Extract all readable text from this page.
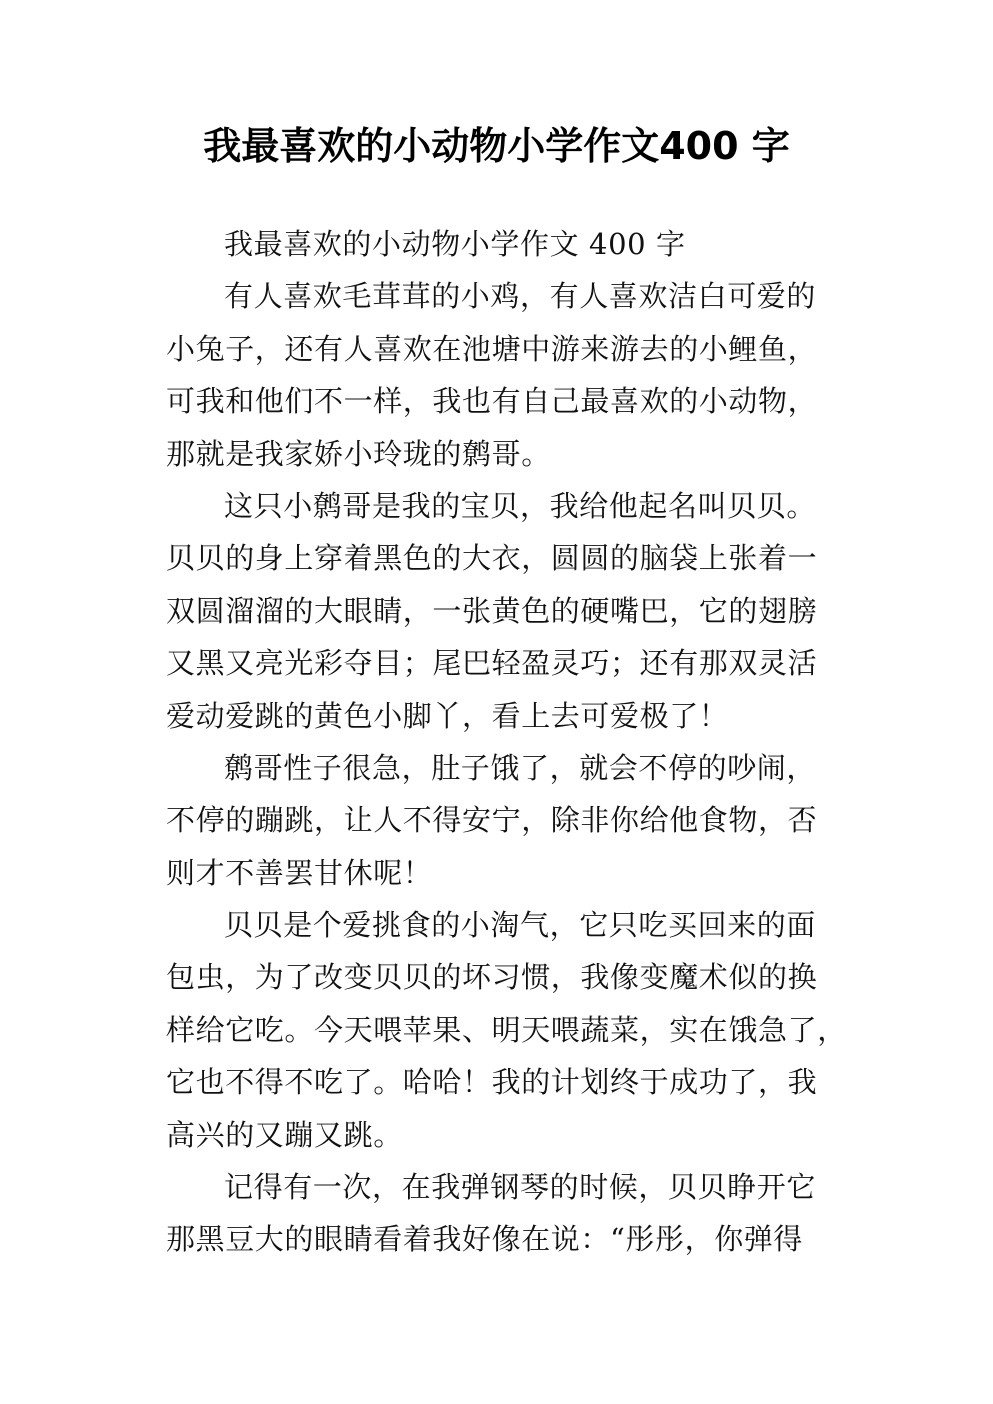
我最喜欢的小动物小学作文400 字
我最喜欢的小动物小学作文 400 字
有人喜欢毛茸茸的小鸡，有人喜欢洁白可爱的
小兔子，还有人喜欢在池塘中游来游去的小鲤鱼，
可我和他们不一样，我也有自己最喜欢的小动物，
那就是我家娇小玲珑的鹩哥。
这只小鹩哥是我的宝贝，我给他起名叫贝贝。
贝贝的身上穿着黑色的大衣，圆圆的脑袋上张着一
双圆溜溜的大眼睛，一张黄色的硬嘴巴，它的翅膀
又黑又亮光彩夺目；尾巴轻盈灵巧；还有那双灵活
爱动爱跳的黄色小脚丫，看上去可爱极了！
鹩哥性子很急，肚子饿了，就会不停的吵闹，
不停的蹦跳，让人不得安宁，除非你给他食物，否
则才不善罢甘休呢！
贝贝是个爱挑食的小淘气，它只吃买回来的面
包虫，为了改变贝贝的坏习惯，我像变魔术似的换
样给它吃。今天喂苹果、明天喂蔬菜，实在饿急了，
它也不得不吃了。哈哈！我的计划终于成功了，我
高兴的又蹦又跳。
记得有一次，在我弹钢琴的时候，贝贝睁开它
那黑豆大的眼睛看着我好像在说：“彤彤，你弹得
